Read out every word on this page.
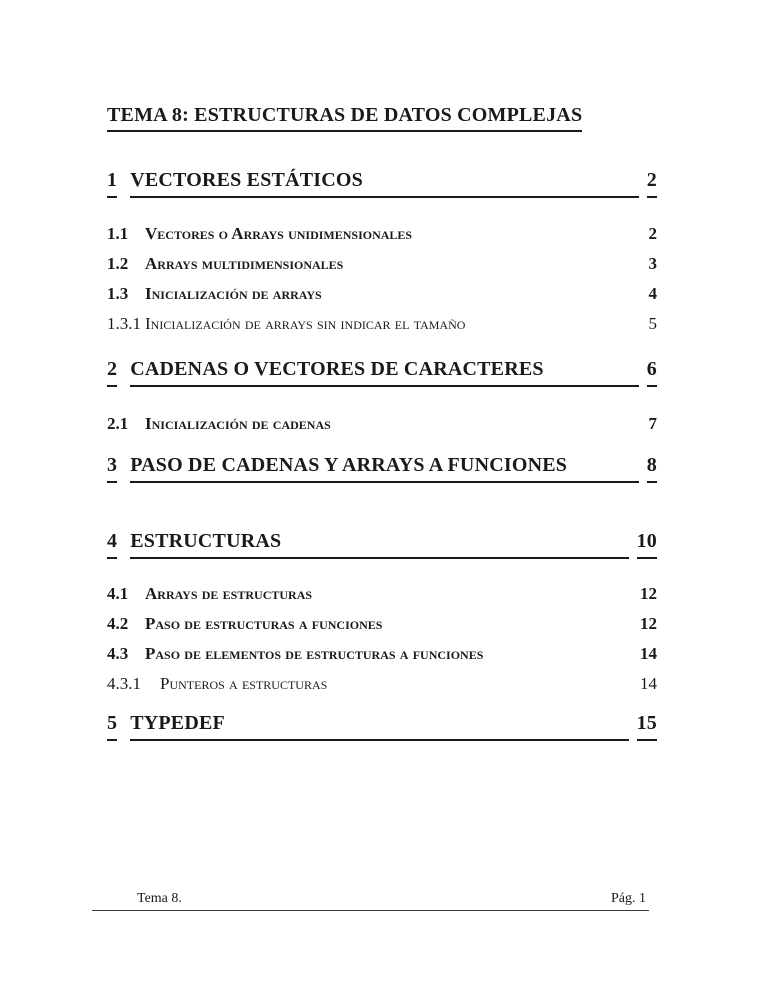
TEMA 8: ESTRUCTURAS DE DATOS COMPLEJAS
1 VECTORES ESTÁTICOS	2
1.1 Vectores o Arrays unidimensionales	2
1.2 Arrays multidimensionales	3
1.3 Inicialización de arrays	4
1.3.1 Inicialización de arrays sin indicar el tamaño	5
2 CADENAS O VECTORES DE CARACTERES	6
2.1 Inicialización de cadenas	7
3 PASO DE CADENAS Y ARRAYS A FUNCIONES	8
4 ESTRUCTURAS	10
4.1 Arrays de estructuras	12
4.2 Paso de estructuras a funciones	12
4.3 Paso de elementos de estructuras a funciones	14
4.3.1	Punteros a estructuras	14
5 TYPEDEF	15
Tema 8.	Pág. 1
